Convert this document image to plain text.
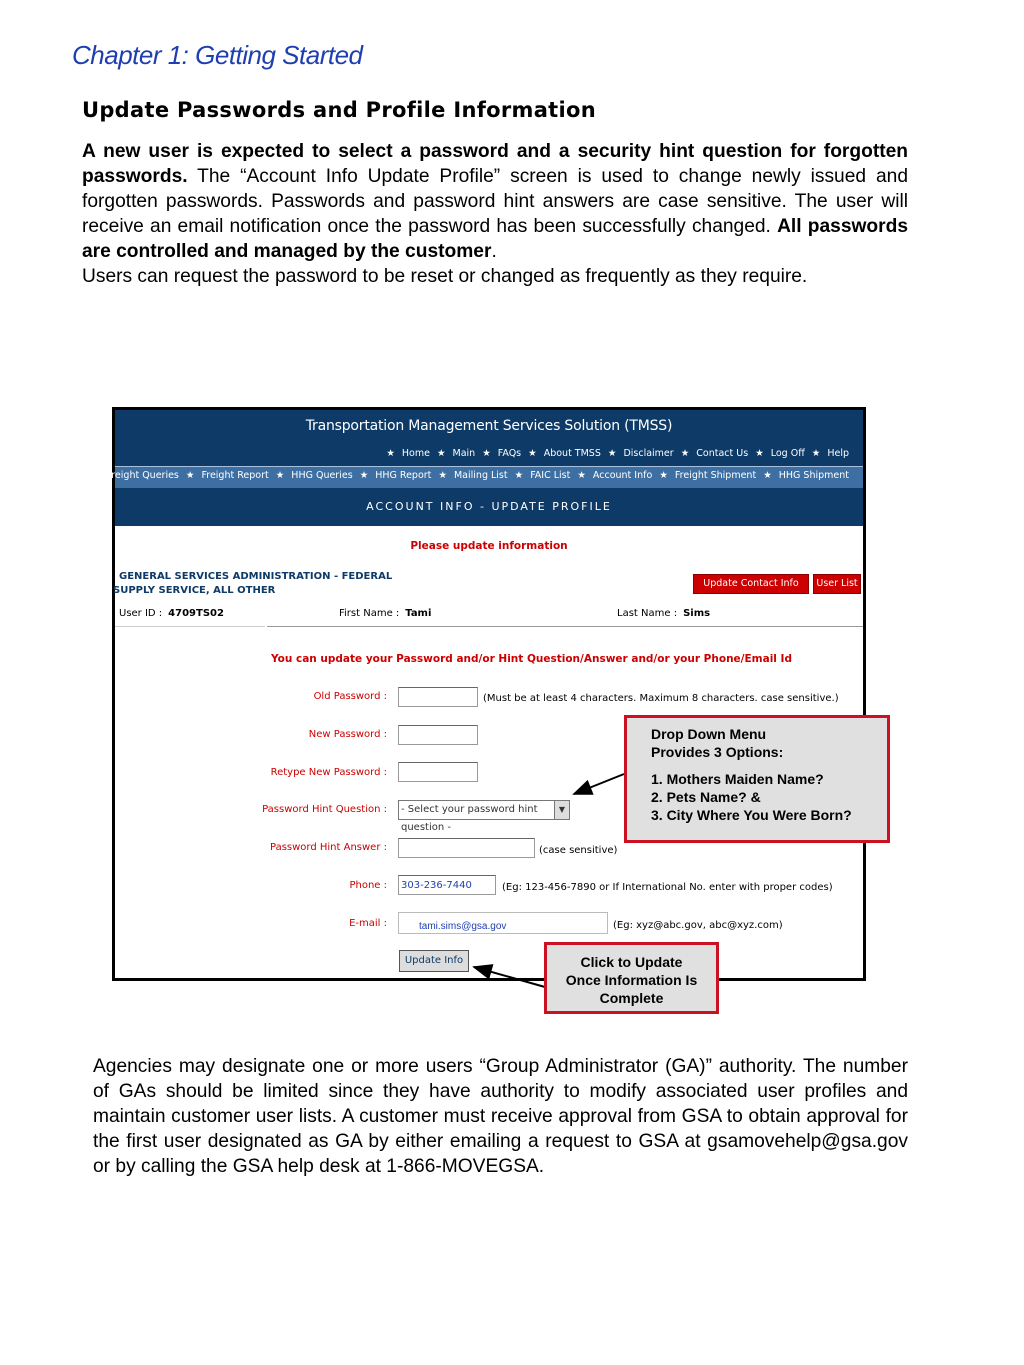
Chapter 1: Getting Started
Update Passwords and Profile Information
A new user is expected to select a password and a security hint question for forgotten passwords. The “Account Info Update Profile” screen is used to change newly issued and forgotten passwords. Passwords and password hint answers are case sensitive. The user will receive an email notification once the password has been successfully changed. All passwords are controlled and managed by the customer.
Users can request the password to be reset or changed as frequently as they require.
Transportation Management Services Solution (TMSS)
★ Home ★ Main ★ FAQs ★ About TMSS ★ Disclaimer ★ Contact Us ★ Log Off ★ Help
★ Freight Queries ★ Freight Report ★ HHG Queries ★ HHG Report ★ Mailing List ★ FAIC List ★ Account Info ★ Freight Shipment ★ HHG Shipment
ACCOUNT INFO - UPDATE PROFILE
Please update information
GENERAL SERVICES ADMINISTRATION - FEDERAL
SUPPLY SERVICE, ALL OTHER
Update Contact Info	User List
User ID : 4709TS02	First Name : Tami	Last Name : Sims
You can update your Password and/or Hint Question/Answer and/or your Phone/Email Id
Old Password :	(Must be at least 4 characters. Maximum 8 characters. case sensitive.)
New Password :
Retype New Password :
Password Hint Question :	- Select your password hint question -
▼
Password Hint Answer :	(case sensitive)
Phone :	303-236-7440	(Eg: 123-456-7890 or If International No. enter with proper codes)
E-mail :	tami.sims@gsa.gov	(Eg: xyz@abc.gov, abc@xyz.com)
Update Info
Drop Down Menu
Provides 3 Options:
1. Mothers Maiden Name?
2. Pets Name? &
3. City Where You Were Born?
Click to Update
Once Information Is
Complete
Agencies may designate one or more users “Group Administrator (GA)” authority. The number of GAs should be limited since they have authority to modify associated user profiles and maintain customer user lists. A customer must receive approval from GSA to obtain approval for the first user designated as GA by either emailing a request to GSA at gsamovehelp@gsa.gov or by calling the GSA help desk at 1-866-MOVEGSA.
